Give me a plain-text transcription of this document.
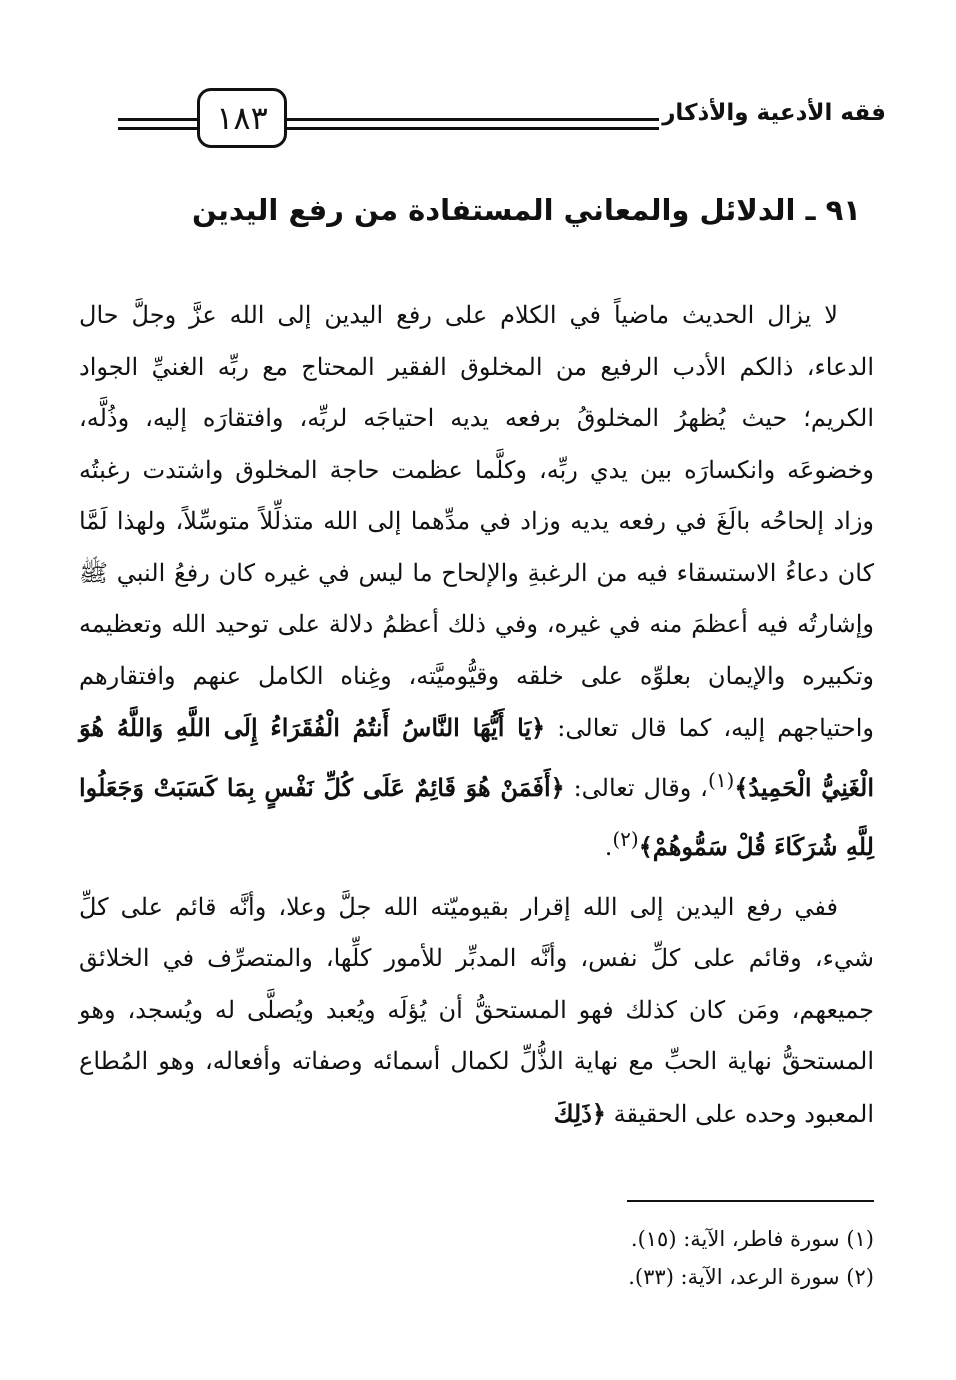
فقه الأدعية والأذكار
١٨٣
٩١ ـ الدلائل والمعاني المستفادة من رفع اليدين

لا يزال الحديث ماضياً في الكلام على رفع اليدين إلى الله عزَّ وجلَّ حال الدعاء، ذالكم الأدب الرفيع من المخلوق الفقير المحتاج مع ربِّه الغنيِّ الجواد الكريم؛ حيث يُظهرُ المخلوقُ برفعه يديه احتياجَه لربِّه، وافتقارَه إليه، وذُلَّه، وخضوعَه وانكسارَه بين يدي ربِّه، وكلَّما عظمت حاجة المخلوق واشتدت رغبتُه وزاد إلحاحُه بالَغَ في رفعه يديه وزاد في مدِّهما إلى الله متذلِّلاً متوسِّلاً، ولهذا لَمَّا كان دعاءُ الاستسقاء فيه من الرغبةِ والإلحاح ما ليس في غيره كان رفعُ النبي ﷺ وإشارتُه فيه أعظمَ منه في غيره، وفي ذلك أعظمُ دلالة على توحيد الله وتعظيمه وتكبيره والإيمان بعلوِّه على خلقه وقيُّوميَّته، وغِناه الكامل عنهم وافتقارهم واحتياجهم إليه، كما قال تعالى: ﴿يَا أَيُّهَا النَّاسُ أَنتُمُ الْفُقَرَاءُ إِلَى اللَّهِ وَاللَّهُ هُوَ الْغَنِيُّ الْحَمِيدُ﴾$^{(١)}$، وقال تعالى: ﴿أَفَمَنْ هُوَ قَائِمٌ عَلَى كُلِّ نَفْسٍ بِمَا كَسَبَتْ وَجَعَلُوا لِلَّهِ شُرَكَاءَ قُلْ سَمُّوهُمْ﴾$^{(٢)}$.

ففي رفع اليدين إلى الله إقرار بقيوميّته الله جلَّ وعلا، وأنَّه قائم على كلِّ شيء، وقائم على كلِّ نفس، وأنَّه المدبِّر للأمور كلِّها، والمتصرِّف في الخلائق جميعهم، ومَن كان كذلك فهو المستحقُّ أن يُؤلَه ويُعبد ويُصلَّى له ويُسجد، وهو المستحقُّ نهاية الحبِّ مع نهاية الذُّلِّ لكمال أسمائه وصفاته وأفعاله، وهو المُطاع المعبود وحده على الحقيقة ﴿ذَلِكَ

(١) سورة فاطر، الآية: (١٥).
(٢) سورة الرعد، الآية: (٣٣).
